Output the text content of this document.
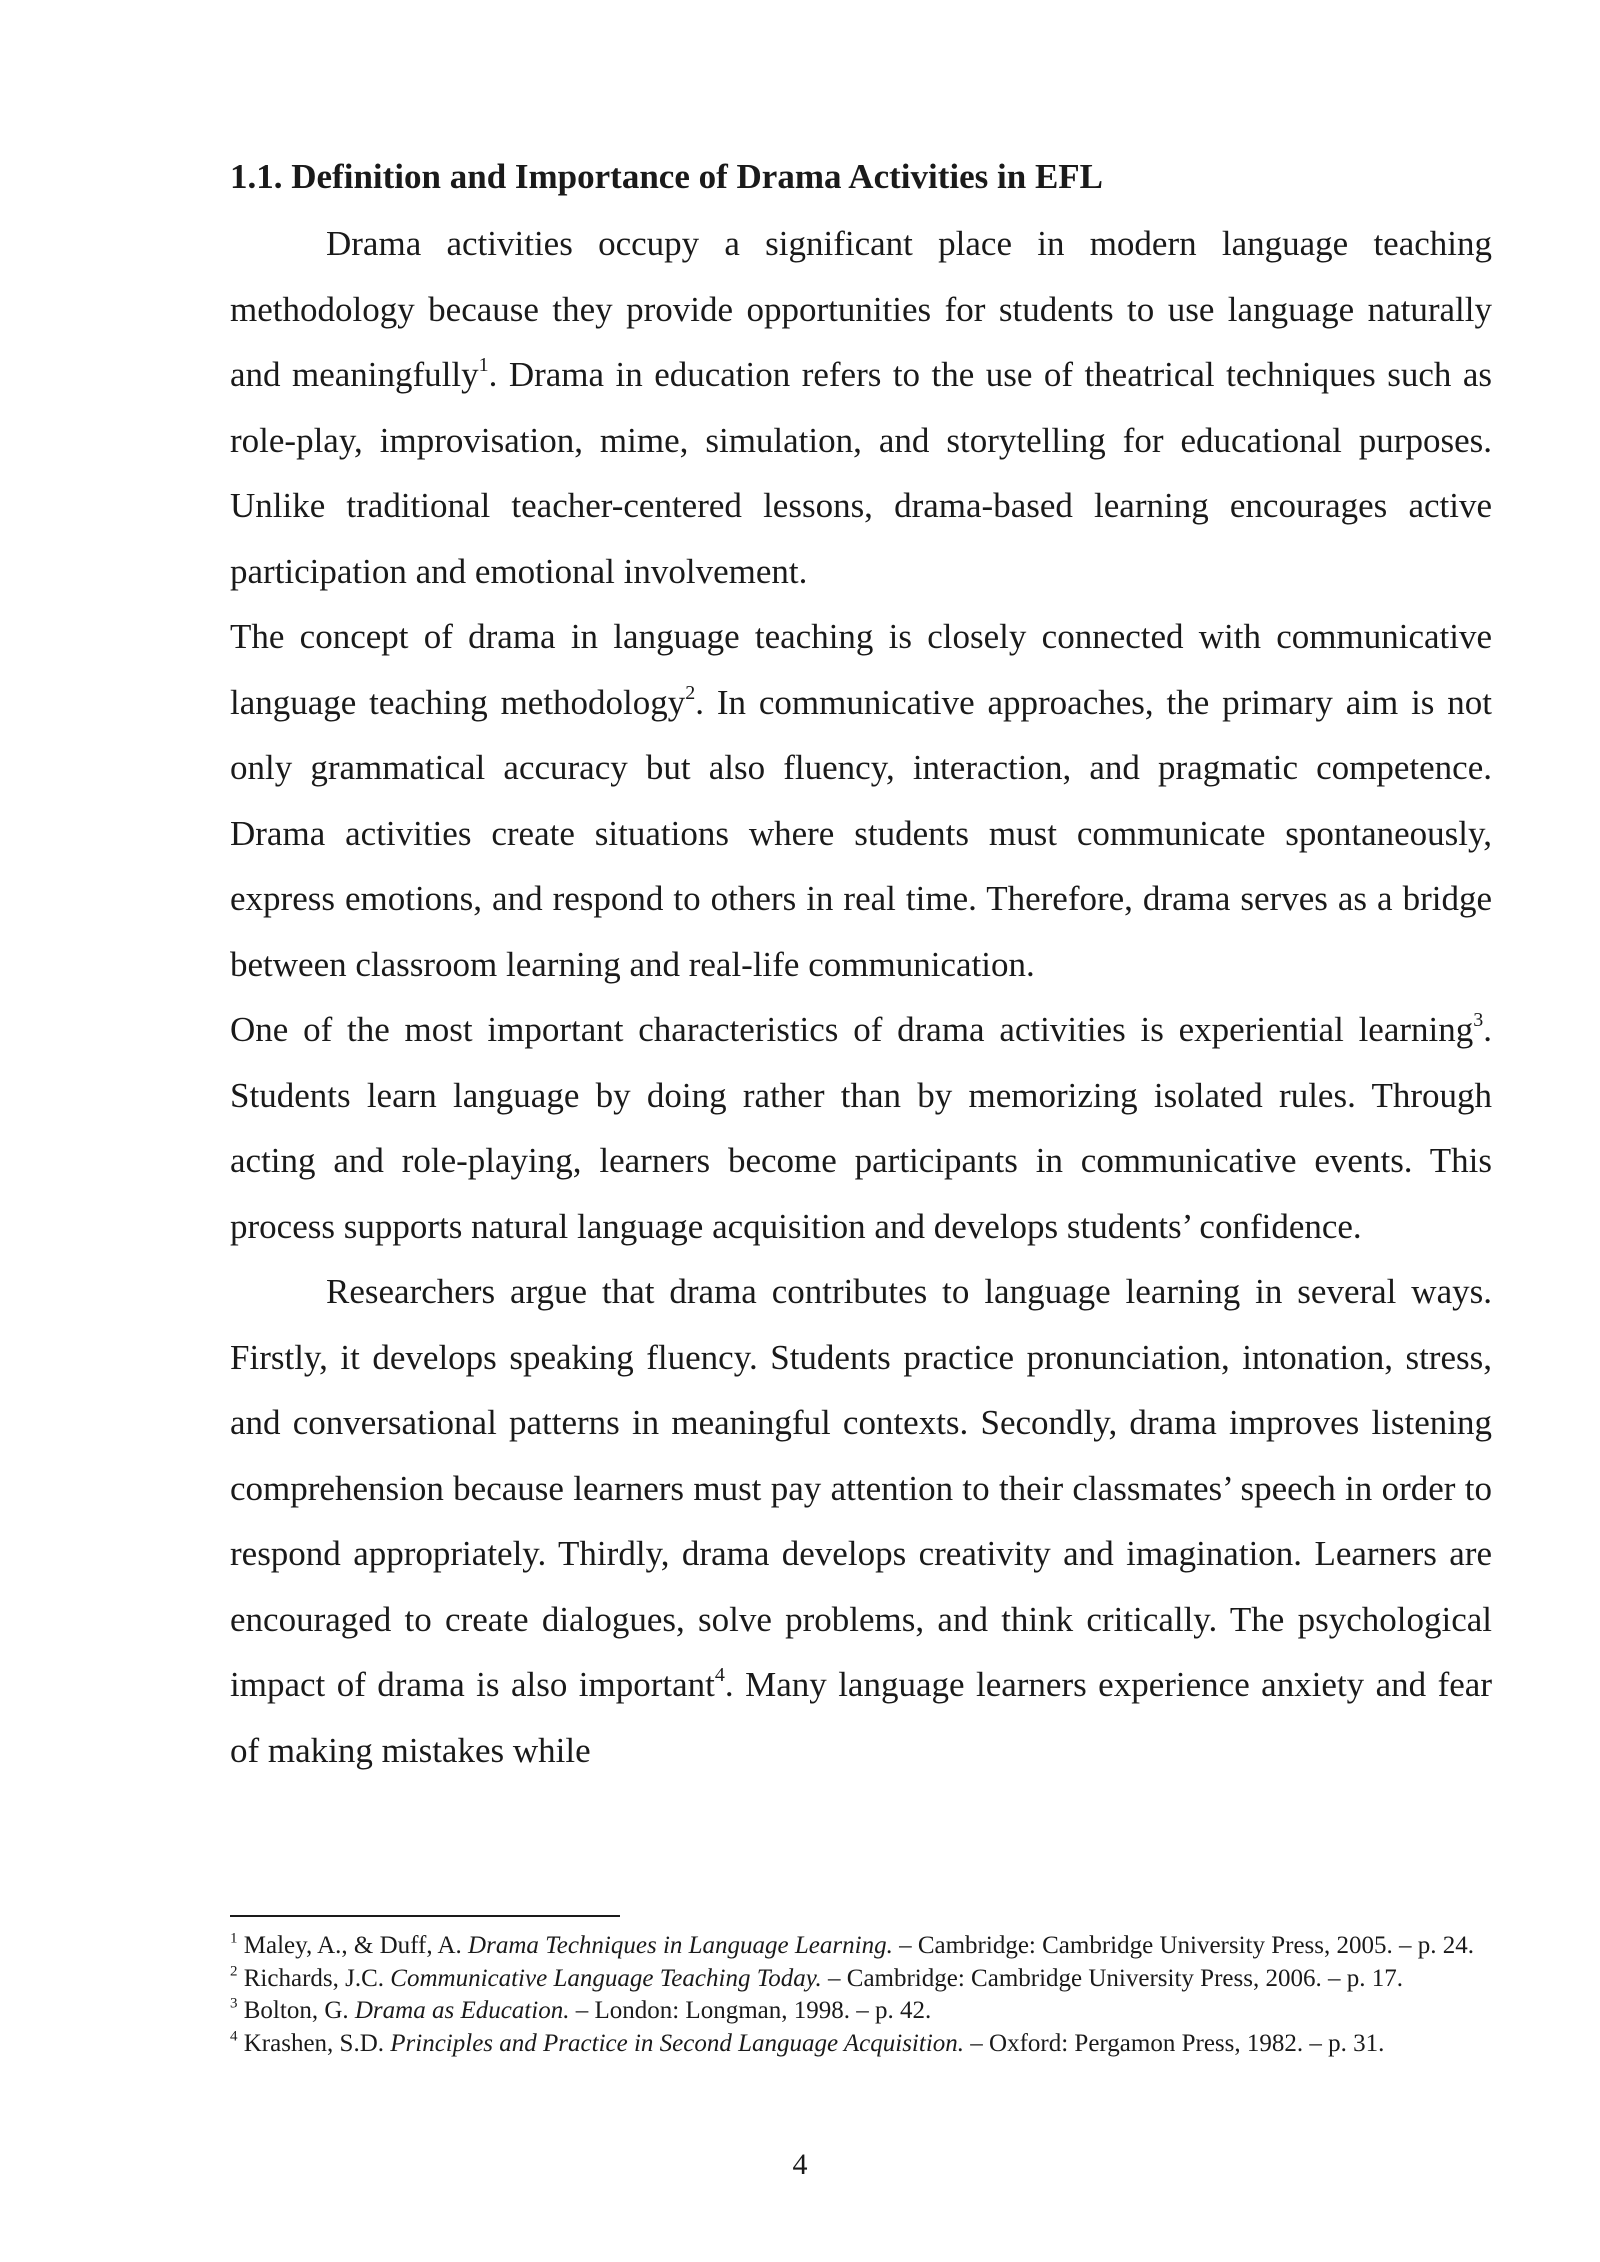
1.1. Definition and Importance of Drama Activities in EFL

Drama activities occupy a significant place in modern language teaching methodology because they provide opportunities for students to use language naturally and meaningfully$^1$. Drama in education refers to the use of theatrical techniques such as role-play, improvisation, mime, simulation, and storytelling for educational purposes. Unlike traditional teacher-centered lessons, drama-based learning encourages active participation and emotional involvement.

The concept of drama in language teaching is closely connected with communicative language teaching methodology$^2$. In communicative approaches, the primary aim is not only grammatical accuracy but also fluency, interaction, and pragmatic competence. Drama activities create situations where students must communicate spontaneously, express emotions, and respond to others in real time. Therefore, drama serves as a bridge between classroom learning and real-life communication.

One of the most important characteristics of drama activities is experiential learning$^3$. Students learn language by doing rather than by memorizing isolated rules. Through acting and role-playing, learners become participants in communicative events. This process supports natural language acquisition and develops students’ confidence.

Researchers argue that drama contributes to language learning in several ways. Firstly, it develops speaking fluency. Students practice pronunciation, intonation, stress, and conversational patterns in meaningful contexts. Secondly, drama improves listening comprehension because learners must pay attention to their classmates’ speech in order to respond appropriately. Thirdly, drama develops creativity and imagination. Learners are encouraged to create dialogues, solve problems, and think critically. The psychological impact of drama is also important$^4$. Many language learners experience anxiety and fear of making mistakes while

$^1$ Maley, A., & Duff, A. Drama Techniques in Language Learning. – Cambridge: Cambridge University Press, 2005. – p. 24.

$^2$ Richards, J.C. Communicative Language Teaching Today. – Cambridge: Cambridge University Press, 2006. – p. 17.

$^3$ Bolton, G. Drama as Education. – London: Longman, 1998. – p. 42.

$^4$ Krashen, S.D. Principles and Practice in Second Language Acquisition. – Oxford: Pergamon Press, 1982. – p. 31.

4
